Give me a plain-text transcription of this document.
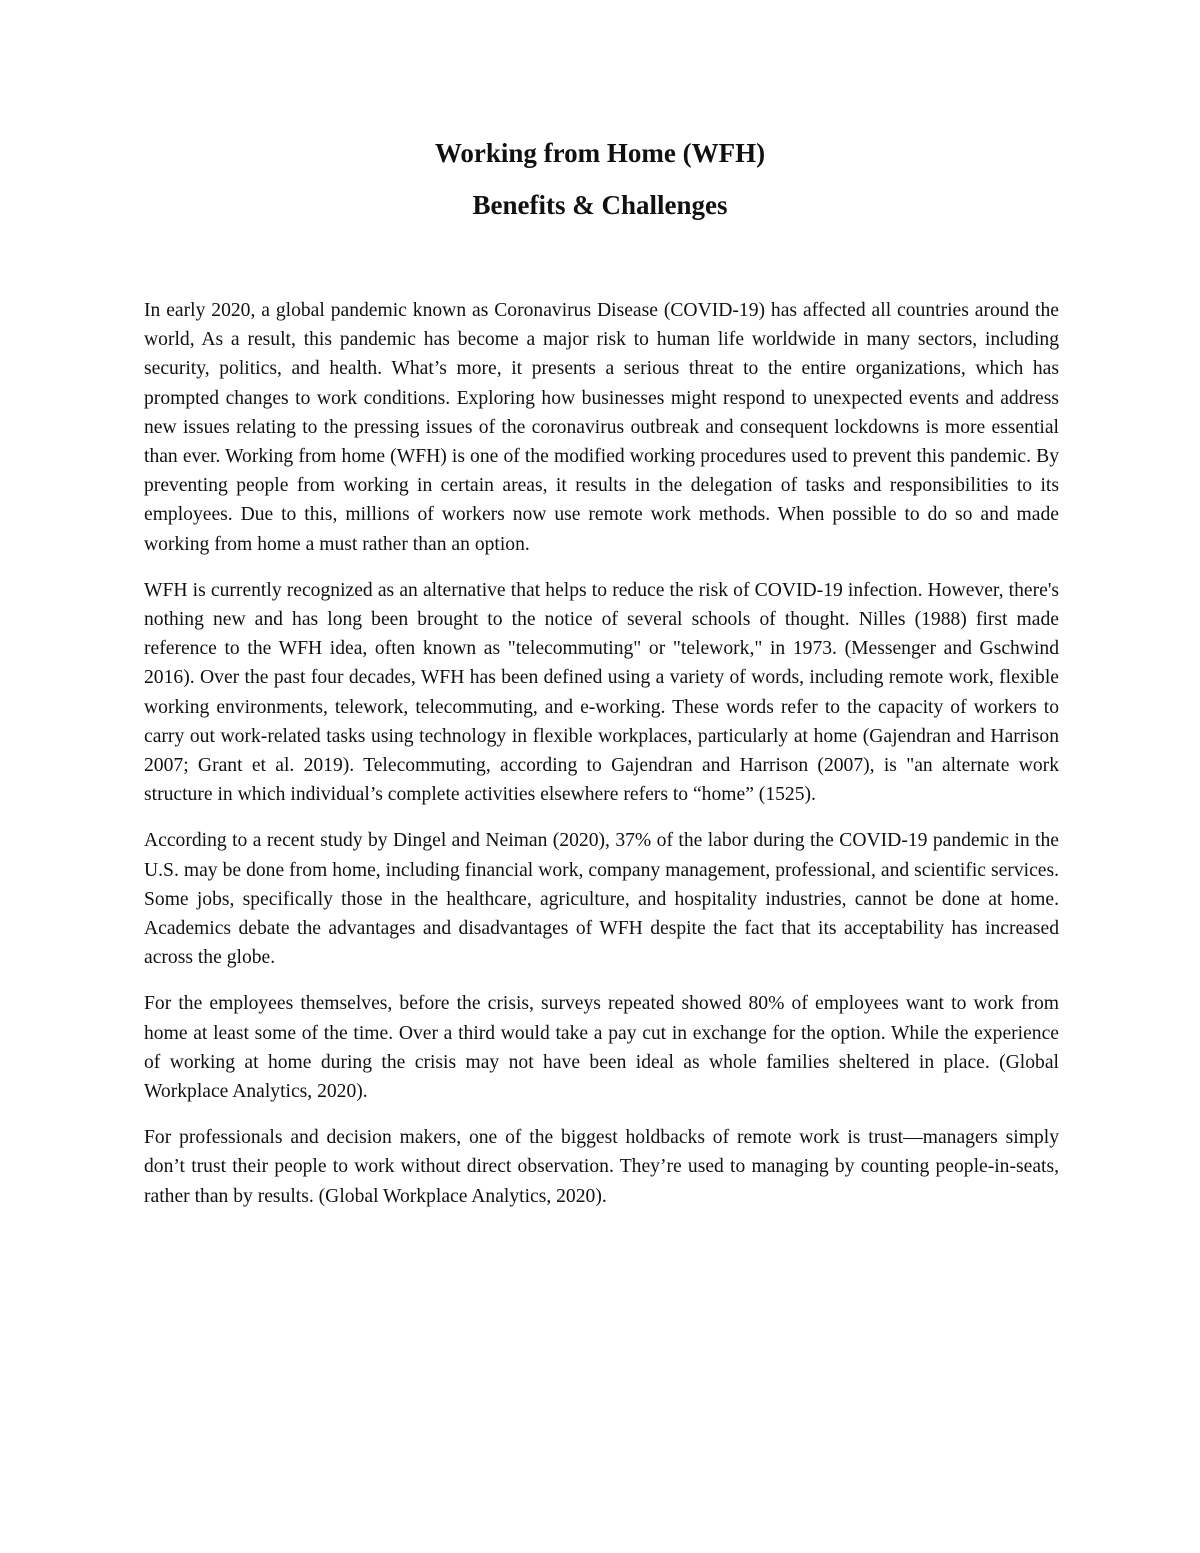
Working from Home (WFH)
Benefits & Challenges

In early 2020, a global pandemic known as Coronavirus Disease (COVID-19) has affected all countries around the world, As a result, this pandemic has become a major risk to human life worldwide in many sectors, including security, politics, and health. What’s more, it presents a serious threat to the entire organizations, which has prompted changes to work conditions. Exploring how businesses might respond to unexpected events and address new issues relating to the pressing issues of the coronavirus outbreak and consequent lockdowns is more essential than ever. Working from home (WFH) is one of the modified working procedures used to prevent this pandemic. By preventing people from working in certain areas, it results in the delegation of tasks and responsibilities to its employees. Due to this, millions of workers now use remote work methods. When possible to do so and made working from home a must rather than an option.

WFH is currently recognized as an alternative that helps to reduce the risk of COVID-19 infection. However, there's nothing new and has long been brought to the notice of several schools of thought. Nilles (1988) first made reference to the WFH idea, often known as "telecommuting" or "telework," in 1973. (Messenger and Gschwind 2016). Over the past four decades, WFH has been defined using a variety of words, including remote work, flexible working environments, telework, telecommuting, and e-working. These words refer to the capacity of workers to carry out work-related tasks using technology in flexible workplaces, particularly at home (Gajendran and Harrison 2007; Grant et al. 2019). Telecommuting, according to Gajendran and Harrison (2007), is "an alternate work structure in which individual’s complete activities elsewhere refers to “home” (1525).

According to a recent study by Dingel and Neiman (2020), 37% of the labor during the COVID-19 pandemic in the U.S. may be done from home, including financial work, company management, professional, and scientific services. Some jobs, specifically those in the healthcare, agriculture, and hospitality industries, cannot be done at home. Academics debate the advantages and disadvantages of WFH despite the fact that its acceptability has increased across the globe.

For the employees themselves, before the crisis, surveys repeated showed 80% of employees want to work from home at least some of the time. Over a third would take a pay cut in exchange for the option. While the experience of working at home during the crisis may not have been ideal as whole families sheltered in place. (Global Workplace Analytics, 2020).

For professionals and decision makers, one of the biggest holdbacks of remote work is trust—managers simply don’t trust their people to work without direct observation. They’re used to managing by counting people-in-seats, rather than by results. (Global Workplace Analytics, 2020).
